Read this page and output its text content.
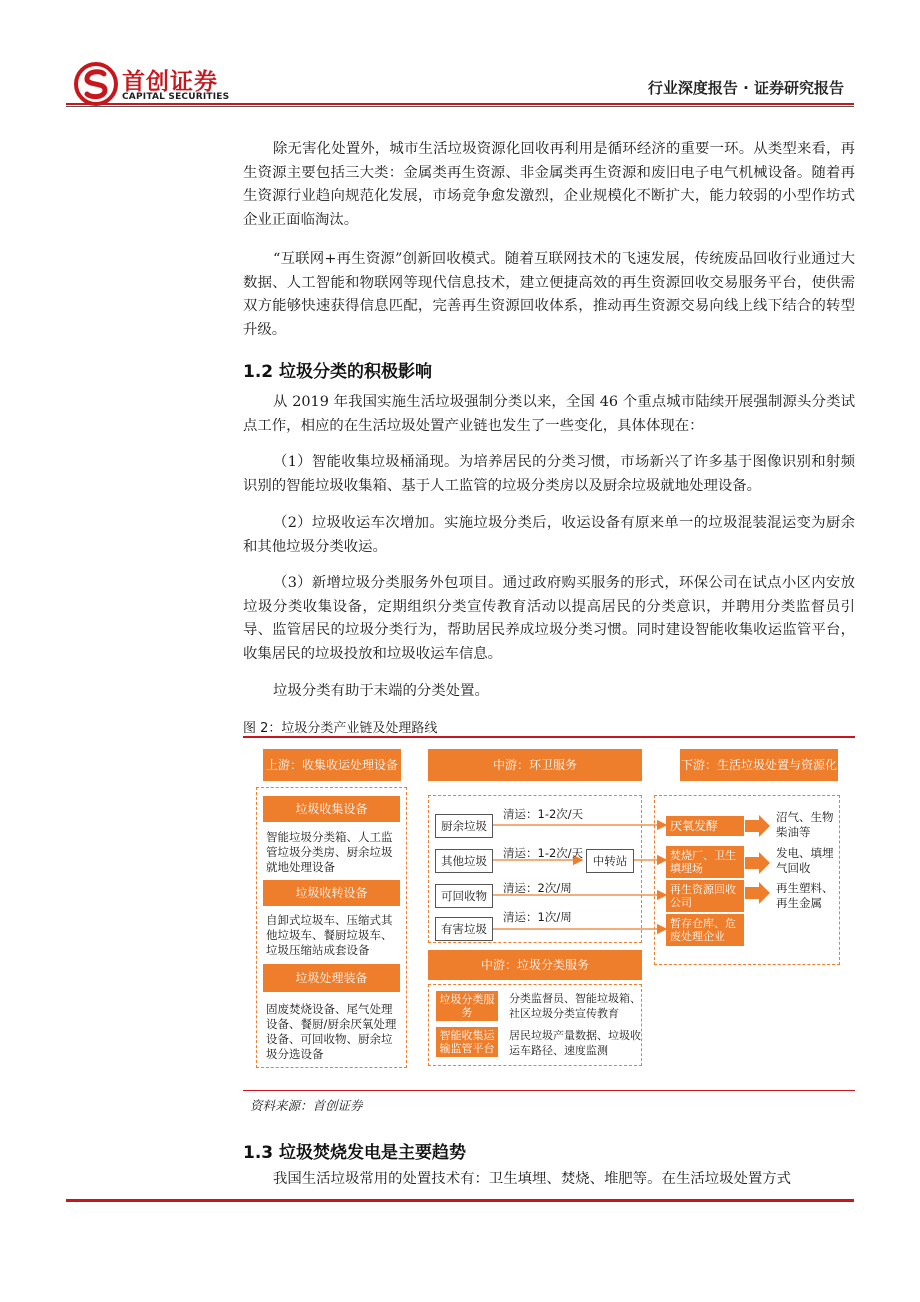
首创证券
CAPITAL SECURITIES	行业深度报告 · 证券研究报告
除无害化处置外，城市生活垃圾资源化回收再利用是循环经济的重要一环。从类型来看，再生资源主要包括三大类：金属类再生资源、非金属类再生资源和废旧电子电气机械设备。随着再生资源行业趋向规范化发展，市场竞争愈发激烈，企业规模化不断扩大，能力较弱的小型作坊式企业正面临淘汰。
“互联网+再生资源”创新回收模式。随着互联网技术的飞速发展，传统废品回收行业通过大数据、人工智能和物联网等现代信息技术，建立便捷高效的再生资源回收交易服务平台，使供需双方能够快速获得信息匹配，完善再生资源回收体系，推动再生资源交易向线上线下结合的转型升级。
1.2 垃圾分类的积极影响
从 2019 年我国实施生活垃圾强制分类以来，全国 46 个重点城市陆续开展强制源头分类试点工作，相应的在生活垃圾处置产业链也发生了一些变化，具体体现在：
（1）智能收集垃圾桶涌现。为培养居民的分类习惯，市场新兴了许多基于图像识别和射频识别的智能垃圾收集箱、基于人工监管的垃圾分类房以及厨余垃圾就地处理设备。
（2）垃圾收运车次增加。实施垃圾分类后，收运设备有原来单一的垃圾混装混运变为厨余和其他垃圾分类收运。
（3）新增垃圾分类服务外包项目。通过政府购买服务的形式，环保公司在试点小区内安放垃圾分类收集设备，定期组织分类宣传教育活动以提高居民的分类意识，并聘用分类监督员引导、监管居民的垃圾分类行为，帮助居民养成垃圾分类习惯。同时建设智能收集收运监管平台，收集居民的垃圾投放和垃圾收运车信息。
垃圾分类有助于末端的分类处置。
图 2：垃圾分类产业链及处理路线
上游：收集收运处理设备
垃圾收集设备
智能垃圾分类箱、人工监管垃圾分类房、厨余垃圾就地处理设备
垃圾收转设备
自卸式垃圾车、压缩式其他垃圾车、餐厨垃圾车、垃圾压缩站成套设备
垃圾处理装备
固废焚烧设备、尾气处理设备、餐厨/厨余厌氧处理设备、可回收物、厨余垃圾分选设备
中游：环卫服务
厨余垃圾
清运：1-2次/天
其他垃圾
清运：1-2次/天
中转站
可回收物
清运：2次/周
有害垃圾
清运：1次/周
中游：垃圾分类服务
垃圾分类服务
分类监督员、智能垃圾箱、社区垃圾分类宣传教育
智能收集运输监管平台
居民垃圾产量数据、垃圾收运车路径、速度监测
下游：生活垃圾处置与资源化
厌氧发酵
沼气、生物柴油等
焚烧厂、卫生填埋场
发电、填埋气回收
再生资源回收公司
再生塑料、再生金属
暂存仓库、危废处理企业
资料来源：首创证券
1.3 垃圾焚烧发电是主要趋势
我国生活垃圾常用的处置技术有：卫生填埋、焚烧、堆肥等。在生活垃圾处置方式
